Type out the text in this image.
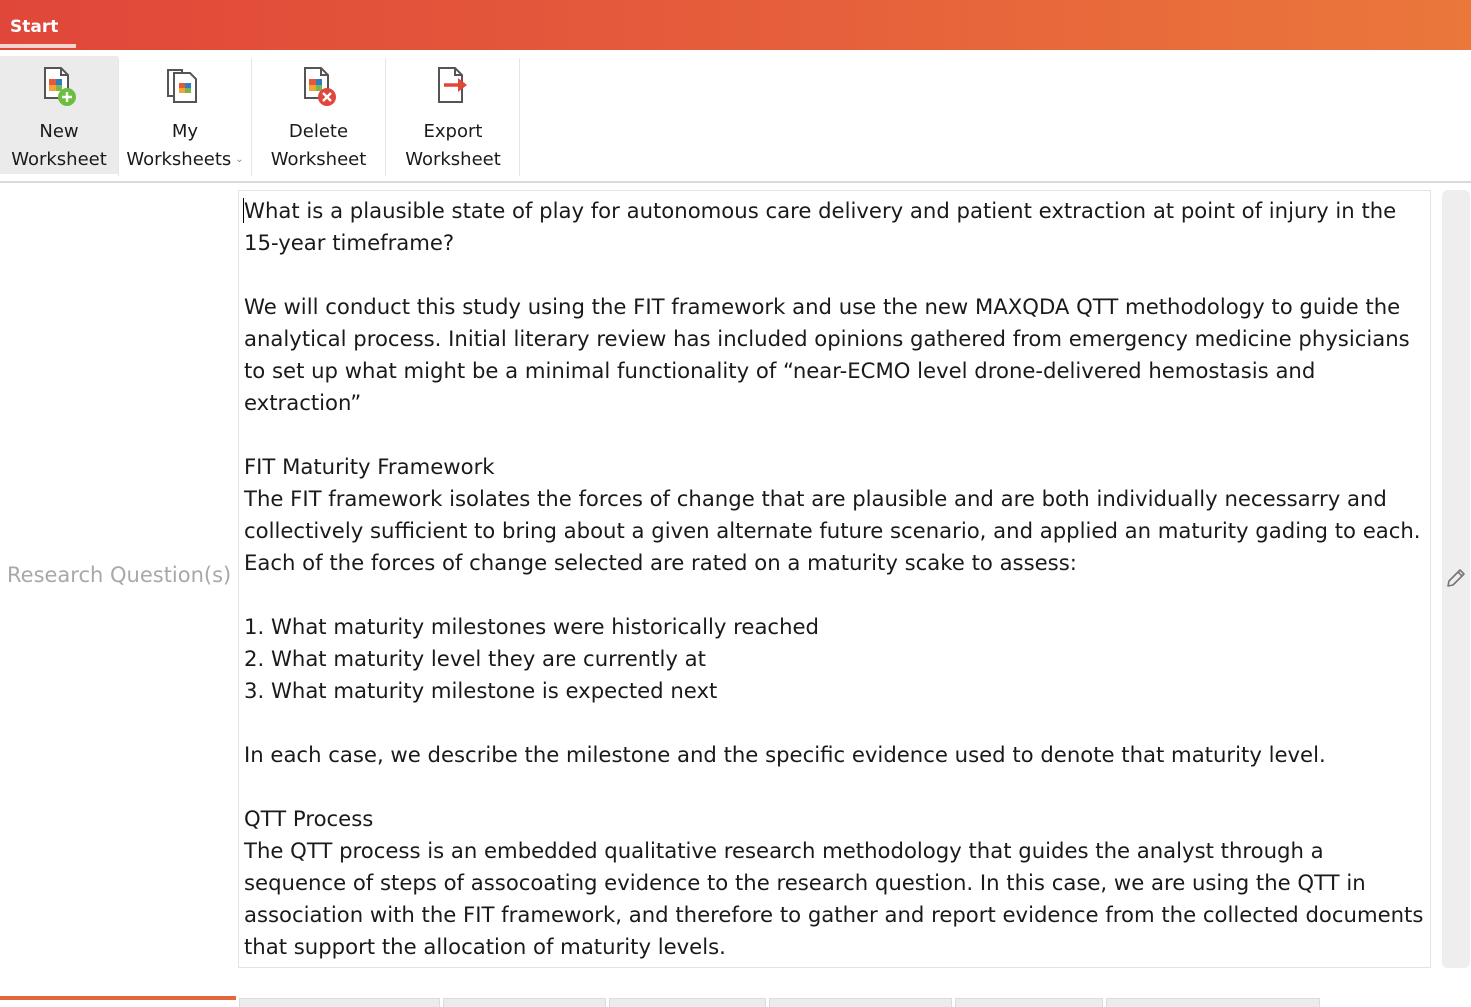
Start
New
Worksheet
My
Worksheets ⌄
Delete
Worksheet
Export
Worksheet
Research Question(s)
What is a plausible state of play for autonomous care delivery and patient extraction at point of injury in the 15-year timeframe?

We will conduct this study using the FIT framework and use the new MAXQDA QTT methodology to guide the analytical process. Initial literary review has included opinions gathered from emergency medicine physicians to set up what might be a minimal functionality of “near-ECMO level drone-delivered hemostasis and extraction”

FIT Maturity Framework
The FIT framework isolates the forces of change that are plausible and are both individually necessarry and collectively sufficient to bring about a given alternate future scenario, and applied an maturity gading to each. Each of the forces of change selected are rated on a maturity scake to assess:

1. What maturity milestones were historically reached
2. What maturity level they are currently at
3. What maturity milestone is expected next

In each case, we describe the milestone and the specific evidence used to denote that maturity level.

QTT Process
The QTT process is an embedded qualitative research methodology that guides the analyst through a sequence of steps of assocoating evidence to the research question. In this case, we are using the QTT in association with the FIT framework, and therefore to gather and report evidence from the collected documents that support the allocation of maturity levels.
